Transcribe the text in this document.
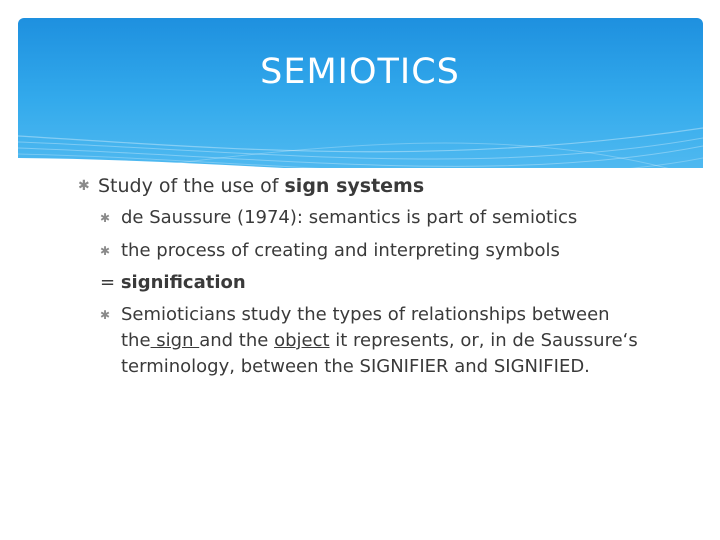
SEMIOTICS
✱ Study of the use of sign systems
✱ de Saussure (1974): semantics is part of semiotics
✱ the process of creating and interpreting symbols
= signification
✱ Semioticians study the types of relationships between
the sign and the object it represents, or, in de Saussure‘s
terminology, between the SIGNIFIER and SIGNIFIED.
